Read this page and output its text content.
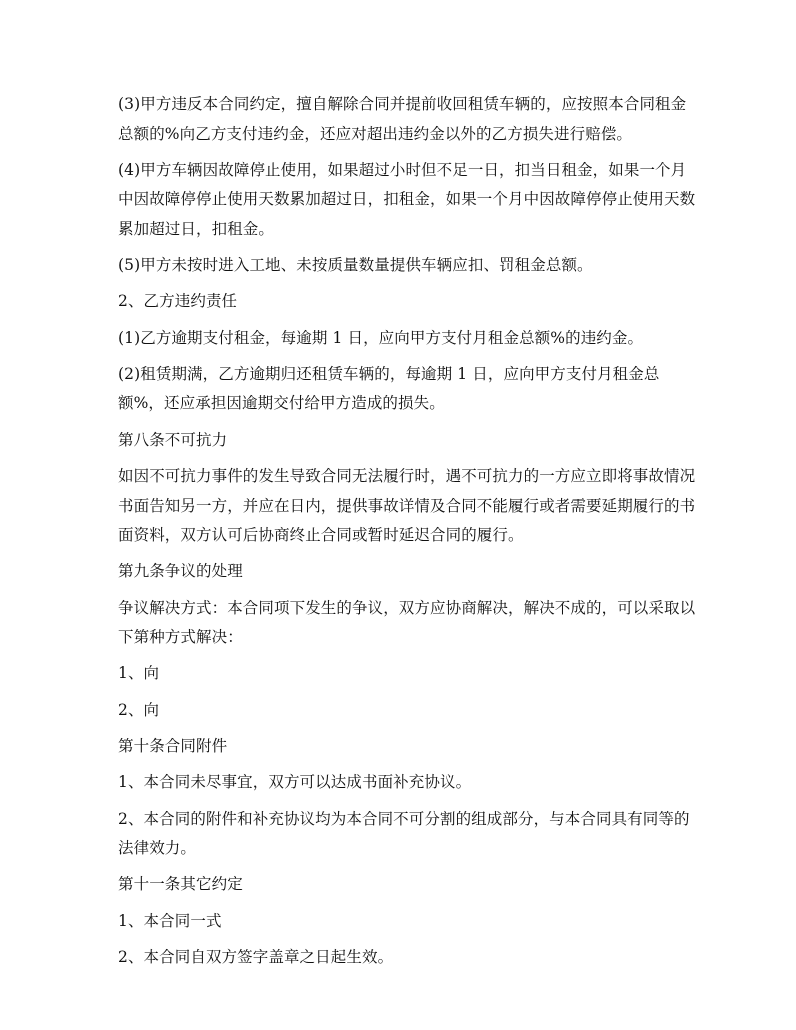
(3)甲方违反本合同约定，擅自解除合同并提前收回租赁车辆的，应按照本合同租金总额的%向乙方支付违约金，还应对超出违约金以外的乙方损失进行赔偿。

(4)甲方车辆因故障停止使用，如果超过小时但不足一日，扣当日租金，如果一个月中因故障停停止使用天数累加超过日，扣租金，如果一个月中因故障停停止使用天数累加超过日，扣租金。

(5)甲方未按时进入工地、未按质量数量提供车辆应扣、罚租金总额。

2、乙方违约责任

(1)乙方逾期支付租金，每逾期 1 日，应向甲方支付月租金总额%的违约金。

(2)租赁期满，乙方逾期归还租赁车辆的，每逾期 1 日，应向甲方支付月租金总额%，还应承担因逾期交付给甲方造成的损失。

第八条不可抗力

如因不可抗力事件的发生导致合同无法履行时，遇不可抗力的一方应立即将事故情况书面告知另一方，并应在日内，提供事故详情及合同不能履行或者需要延期履行的书面资料，双方认可后协商终止合同或暂时延迟合同的履行。

第九条争议的处理

争议解决方式：本合同项下发生的争议，双方应协商解决，解决不成的，可以采取以下第种方式解决：

1、向

2、向

第十条合同附件

1、本合同未尽事宜，双方可以达成书面补充协议。

2、本合同的附件和补充协议均为本合同不可分割的组成部分，与本合同具有同等的法律效力。

第十一条其它约定

1、本合同一式

2、本合同自双方签字盖章之日起生效。
